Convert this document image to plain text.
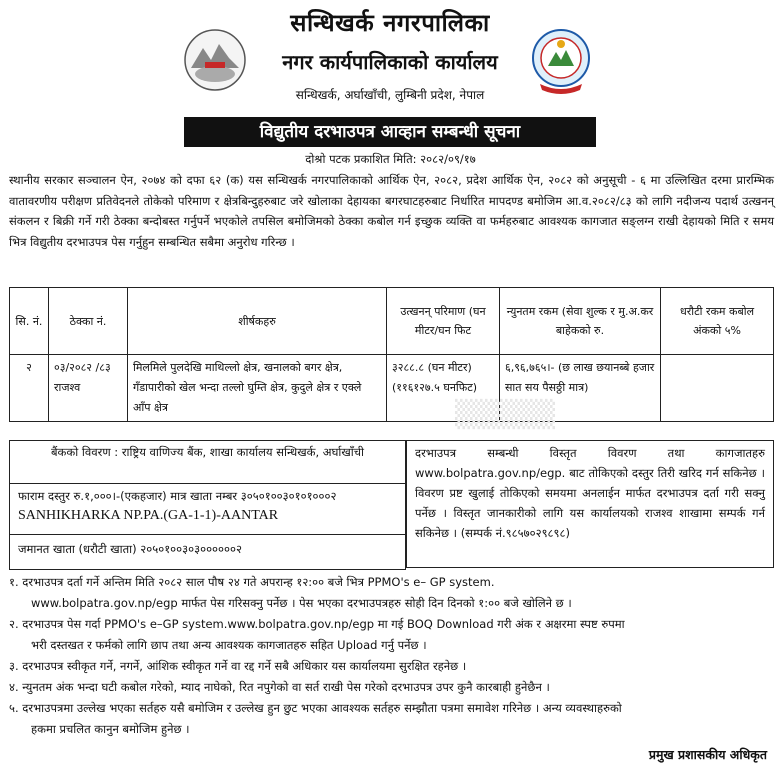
सन्धिखर्क नगरपालिका
नगर कार्यपालिकाको कार्यालय
सन्धिखर्क, अर्घाखाँची, लुम्बिनी प्रदेश, नेपाल
विद्युतीय दरभाउपत्र आव्हान सम्बन्धी सूचना
दोश्रो पटक प्रकाशित मिति: २०८२/०९/१७
स्थानीय सरकार सञ्चालन ऐन, २०७४ को दफा ६२ (क) यस सन्धिखर्क नगरपालिकाको आर्थिक ऐन, २०८२, प्रदेश आर्थिक ऐन, २०८२ को अनुसूची - ६ मा उल्लिखित दरमा प्रारम्भिक वातावरणीय परीक्षण प्रतिवेदनले तोकेको परिमाण र क्षेत्रबिन्दुहरुबाट जरे खोलाका देहायका बगरघाटहरुबाट निर्धारित मापदण्ड बमोजिम आ.व.२०८२/८३ को लागि नदीजन्य पदार्थ उत्खनन् संकलन र बिक्री गर्ने गरी ठेक्का बन्दोबस्त गर्नुपर्ने भएकोले तपसिल बमोजिमको ठेक्का कबोल गर्न इच्छुक व्यक्ति वा फर्महरुबाट आवश्यक कागजात सङ्लग्न राखी देहायको मिति र समय भित्र विद्युतीय दरभाउपत्र पेस गर्नुहुन सम्बन्धित सबैमा अनुरोध गरिन्छ ।
सि. नं.	ठेक्का नं.	शीर्षकहरु	उत्खनन् परिमाण (घन मीटर/घन फिट	न्युनतम रकम (सेवा शुल्क र मु.अ.कर बाहेकको रु.	धरौटी रकम कबोल अंकको ५%
२	०३/२०८२ /८३ राजश्व	मिलमिले पुलदेखि माथिल्लो क्षेत्र, खनालको बगर क्षेत्र, गँडापारीको खेल भन्दा तल्लो घुम्ति क्षेत्र, कुदुले क्षेत्र र एक्ले आँप क्षेत्र	३२८८.८ (घन मीटर) (११६१२७.५ घनफिट)	६,९६,७६५।- (छ लाख छयानब्बे हजार सात सय पैसठ्ठी मात्र)	
बैंकको विवरण : राष्ट्रिय वाणिज्य बैंक, शाखा कार्यालय सन्धिखर्क, अर्घाखाँची
फाराम दस्तुर रु.१,०००।-(एकहजार) मात्र खाता नम्बर ३०५०१००३०१०१०००२
SANHIKHARKA NP.PA.(GA-1-1)-AANTAR
जमानत खाता (धरौटी खाता) २०५०१००३०३००००००२
दरभाउपत्र सम्बन्धी विस्तृत विवरण तथा कागजातहरु www.bolpatra.gov.np/egp. बाट तोकिएको दस्तुर तिरी खरिद गर्न सकिनेछ । विवरण प्रष्ट खुलाई तोकिएको समयमा अनलाईन मार्फत दरभाउपत्र दर्ता गरी सक्नु पर्नेछ । विस्तृत जानकारीको लागि यस कार्यालयको राजश्व शाखामा सम्पर्क गर्न सकिनेछ । (सम्पर्क नं.९८५७०२९८९८)
▒▒▒▒▒

१. दरभाउपत्र दर्ता गर्ने अन्तिम मिति २०८२ साल पौष २४ गते अपरान्ह १२:०० बजे भित्र PPMO's e– GP system.

www.bolpatra.gov.np/egp मार्फत पेस गरिसक्नु पर्नेछ । पेस भएका दरभाउपत्रहरु सोही दिन दिनको १:०० बजे खोलिने छ ।

२. दरभाउपत्र पेस गर्दा PPMO's e–GP system.www.bolpatra.gov.np/egp मा गई BOQ Download गरी अंक र अक्षरमा स्पष्ट रुपमा

भरी दस्तखत र फर्मको लागि छाप तथा अन्य आवश्यक कागजातहरु सहित Upload गर्नु पर्नेछ ।

३. दरभाउपत्र स्वीकृत गर्ने, नगर्ने, आंशिक स्वीकृत गर्ने वा रद्द गर्ने सबै अधिकार यस कार्यालयमा सुरक्षित रहनेछ ।

४. न्युनतम अंक भन्दा घटी कबोल गरेको, म्याद नाघेको, रित नपुगेको वा सर्त राखी पेस गरेको दरभाउपत्र उपर कुनै कारबाही हुनेछैन ।

५. दरभाउपत्रमा उल्लेख भएका सर्तहरु यसै बमोजिम र उल्लेख हुन छुट भएका आवश्यक सर्तहरु सम्झौता पत्रमा समावेश गरिनेछ । अन्य व्यवस्थाहरुको

हकमा प्रचलित कानुन बमोजिम हुनेछ ।

प्रमुख प्रशासकीय अधिकृत
